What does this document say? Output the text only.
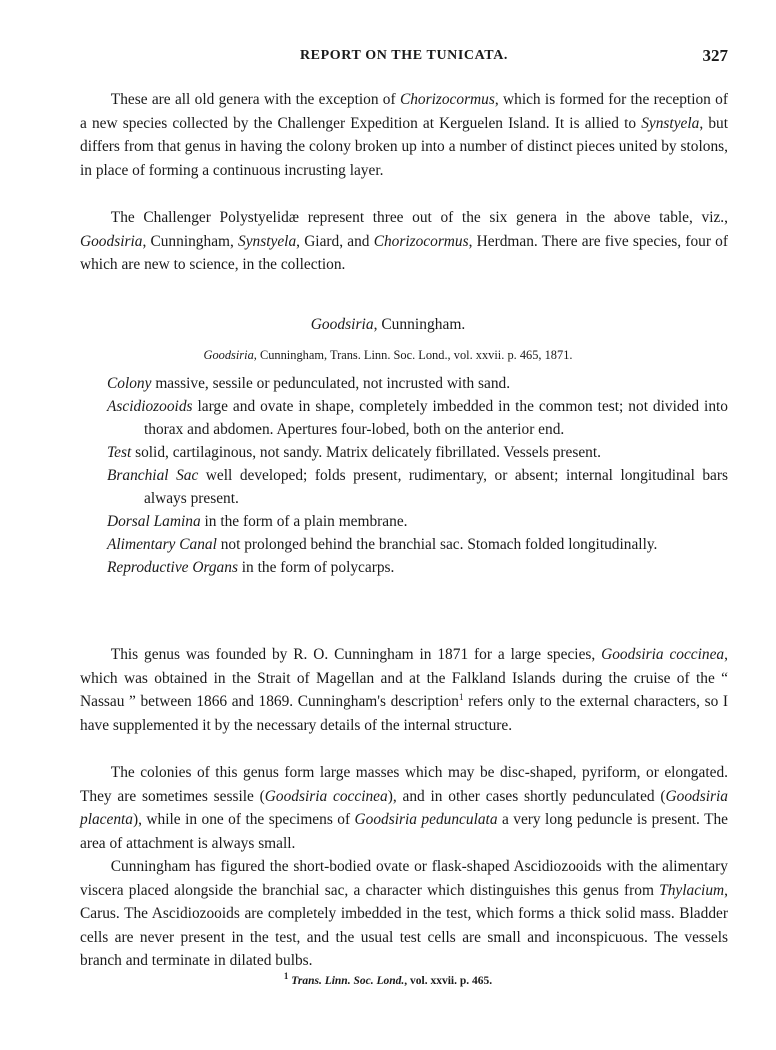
REPORT ON THE TUNICATA.	327

These are all old genera with the exception of Chorizocormus, which is formed for the reception of a new species collected by the Challenger Expedition at Kerguelen Island. It is allied to Synstyela, but differs from that genus in having the colony broken up into a number of distinct pieces united by stolons, in place of forming a continuous incrusting layer.

The Challenger Polystyelidæ represent three out of the six genera in the above table, viz., Goodsiria, Cunningham, Synstyela, Giard, and Chorizocormus, Herdman. There are five species, four of which are new to science, in the collection.

Goodsiria, Cunningham.
Goodsiria, Cunningham, Trans. Linn. Soc. Lond., vol. xxvii. p. 465, 1871.
Colony massive, sessile or pedunculated, not incrusted with sand.
Ascidiozooids large and ovate in shape, completely imbedded in the common test; not divided into thorax and abdomen. Apertures four-lobed, both on the anterior end.
Test solid, cartilaginous, not sandy. Matrix delicately fibrillated. Vessels present.
Branchial Sac well developed; folds present, rudimentary, or absent; internal longitudinal bars always present.
Dorsal Lamina in the form of a plain membrane.
Alimentary Canal not prolonged behind the branchial sac. Stomach folded longitudinally.
Reproductive Organs in the form of polycarps.

This genus was founded by R. O. Cunningham in 1871 for a large species, Goodsiria coccinea, which was obtained in the Strait of Magellan and at the Falkland Islands during the cruise of the “ Nassau ” between 1866 and 1869. Cunningham's description$^1$ refers only to the external characters, so I have supplemented it by the necessary details of the internal structure.

The colonies of this genus form large masses which may be disc-shaped, pyriform, or elongated. They are sometimes sessile (Goodsiria coccinea), and in other cases shortly pedunculated (Goodsiria placenta), while in one of the specimens of Goodsiria pedunculata a very long peduncle is present. The area of attachment is always small.

Cunningham has figured the short-bodied ovate or flask-shaped Ascidiozooids with the alimentary viscera placed alongside the branchial sac, a character which distinguishes this genus from Thylacium, Carus. The Ascidiozooids are completely imbedded in the test, which forms a thick solid mass. Bladder cells are never present in the test, and the usual test cells are small and inconspicuous. The vessels branch and terminate in dilated bulbs.

$^1$ Trans. Linn. Soc. Lond., vol. xxvii. p. 465.
